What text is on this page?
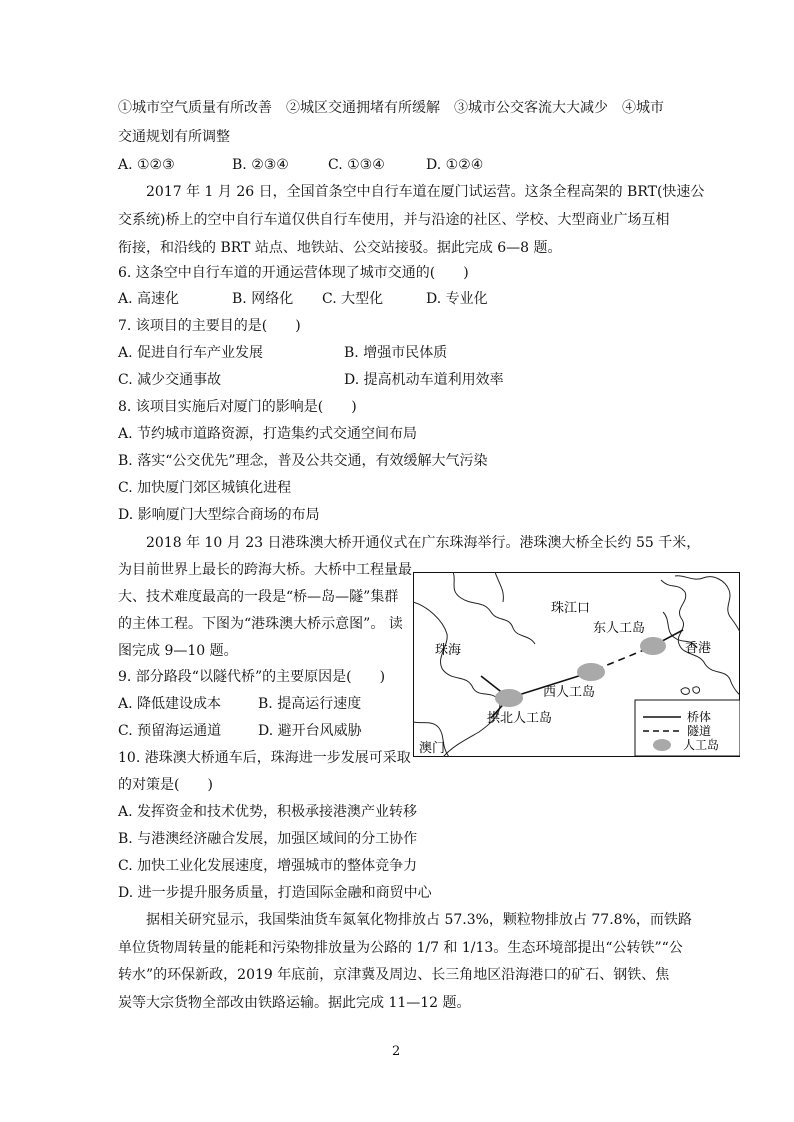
①城市空气质量有所改善　②城区交通拥堵有所缓解　③城市公交客流大大减少　④城市
交通规划有所调整
A. ①②③	B. ②③④	C. ①③④	D. ①②④
2017 年 1 月 26 日，全国首条空中自行车道在厦门试运营。这条全程高架的 BRT(快速公
交系统)桥上的空中自行车道仅供自行车使用，并与沿途的社区、学校、大型商业广场互相
衔接，和沿线的 BRT 站点、地铁站、公交站接驳。据此完成 6—8 题。
6. 这条空中自行车道的开通运营体现了城市交通的(　　)
A. 高速化	B. 网络化 C. 大型化	D. 专业化
7. 该项目的主要目的是(　　)
A. 促进自行车产业发展	B. 增强市民体质
C. 减少交通事故	D. 提高机动车道利用效率
8. 该项目实施后对厦门的影响是(　　)
A. 节约城市道路资源，打造集约式交通空间布局
B. 落实“公交优先”理念，普及公共交通，有效缓解大气污染
C. 加快厦门郊区城镇化进程
D. 影响厦门大型综合商场的布局
2018 年 10 月 23 日港珠澳大桥开通仪式在广东珠海举行。港珠澳大桥全长约 55 千米，
为目前世界上最长的跨海大桥。大桥中工程量最
大、技术难度最高的一段是“桥—岛—隧”集群
的主体工程。下图为“港珠澳大桥示意图”。 读
图完成 9—10 题。
9. 部分路段“以隧代桥”的主要原因是(　　)
A. 降低建设成本	B. 提高运行速度
C. 预留海运通道	D. 避开台风威胁
10. 港珠澳大桥通车后，珠海进一步发展可采取
的对策是(　　)
A. 发挥资金和技术优势，积极承接港澳产业转移
B. 与港澳经济融合发展，加强区域间的分工协作
C. 加快工业化发展速度，增强城市的整体竞争力
D. 进一步提升服务质量，打造国际金融和商贸中心
据相关研究显示，我国柴油货车氮氧化物排放占 57.3%，颗粒物排放占 77.8%，而铁路
单位货物周转量的能耗和污染物排放量为公路的 1/7 和 1/13。生态环境部提出“公转铁”“公
转水”的环保新政，2019 年底前，京津冀及周边、长三角地区沿海港口的矿石、钢铁、焦
炭等大宗货物全部改由铁路运输。据此完成 11—12 题。
珠江口
东人工岛
珠海	香港
西人工岛
拱北人工岛
澳门
桥体
隧道
人工岛
2
